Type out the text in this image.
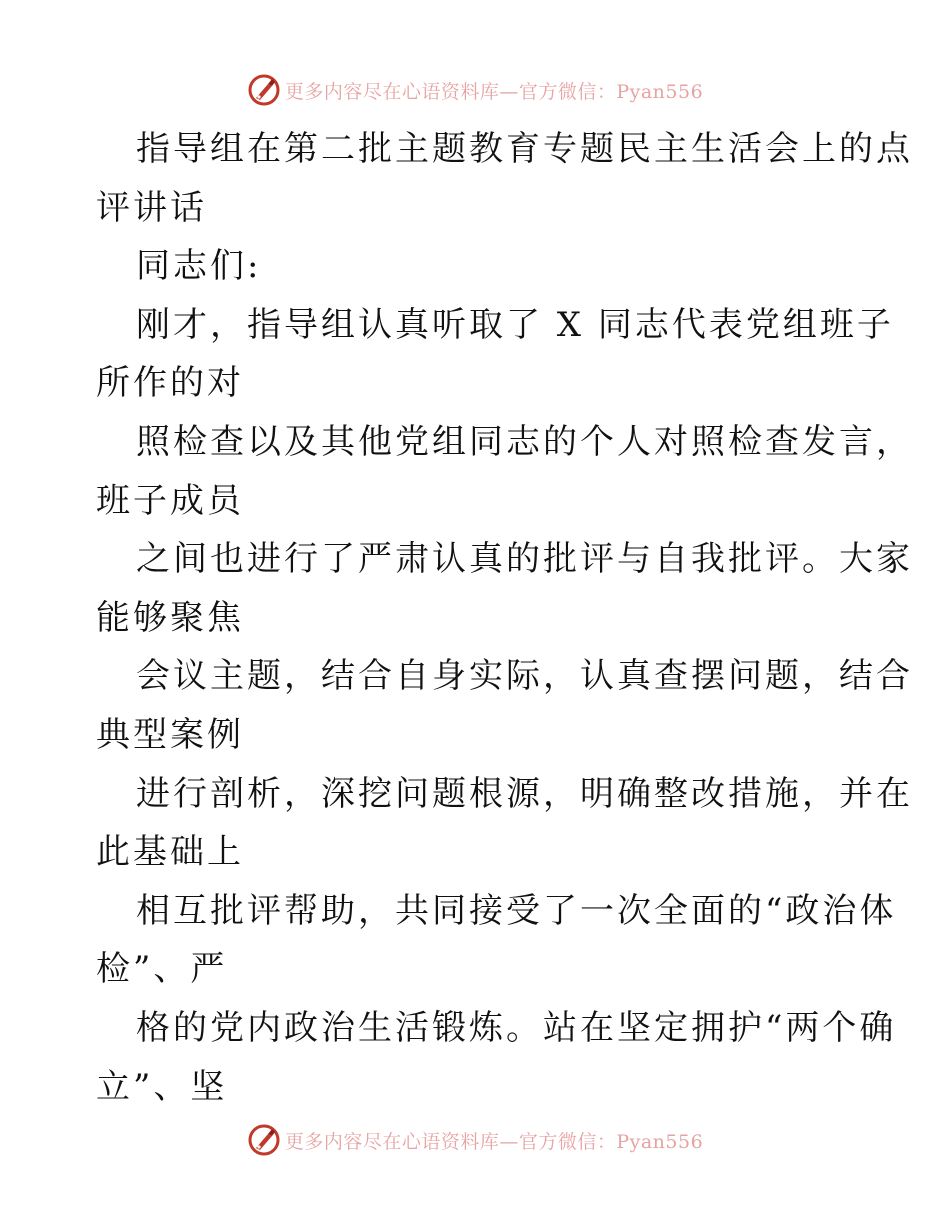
更多内容尽在心语资料库—官方微信：Pyan556
指导组在第二批主题教育专题民主生活会上的点
评讲话
同志们:
刚才，指导组认真听取了 X 同志代表党组班子
所作的对
照检查以及其他党组同志的个人对照检查发言，
班子成员
之间也进行了严肃认真的批评与自我批评。大家
能够聚焦
会议主题，结合自身实际，认真查摆问题，结合
典型案例
进行剖析，深挖问题根源，明确整改措施，并在
此基础上
相互批评帮助，共同接受了一次全面的“政治体
检”、严
格的党内政治生活锻炼。站在坚定拥护“两个确
立”、坚
更多内容尽在心语资料库—官方微信：Pyan556
